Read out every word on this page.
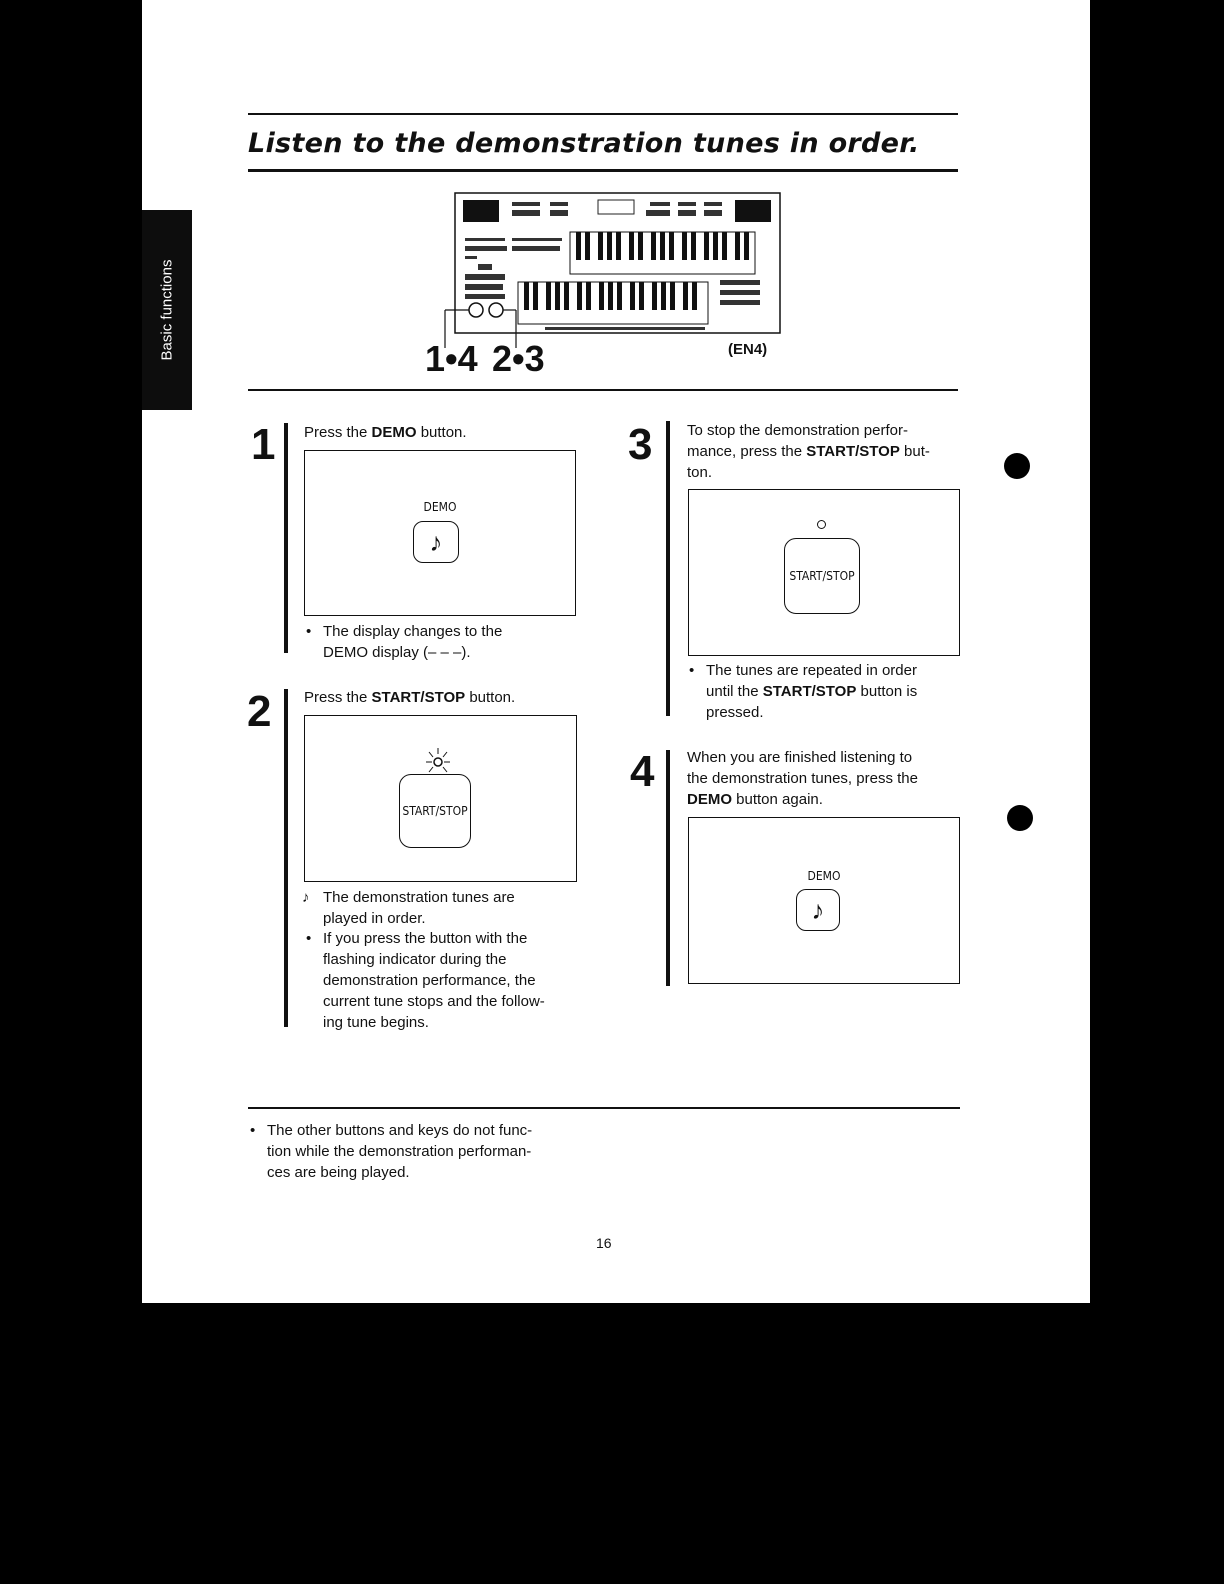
Basic functions
Listen to the demonstration tunes in order.
1•4 2•3	(EN4)
1 Press the DEMO button.
DEMO
♪
• The display changes to the
DEMO display (– – –).
2 Press the START/STOP button.
START/STOP
♪ The demonstration tunes are
played in order.
• If you press the button with the
flashing indicator during the
demonstration performance, the
current tune stops and the follow-
ing tune begins.
3 To stop the demonstration perfor-
mance, press the START/STOP but-
ton.
START/STOP
• The tunes are repeated in order
until the START/STOP button is
pressed.
4 When you are finished listening to
the demonstration tunes, press the
DEMO button again.
DEMO
♪
• The other buttons and keys do not func-
tion while the demonstration performan-
ces are being played.
16
